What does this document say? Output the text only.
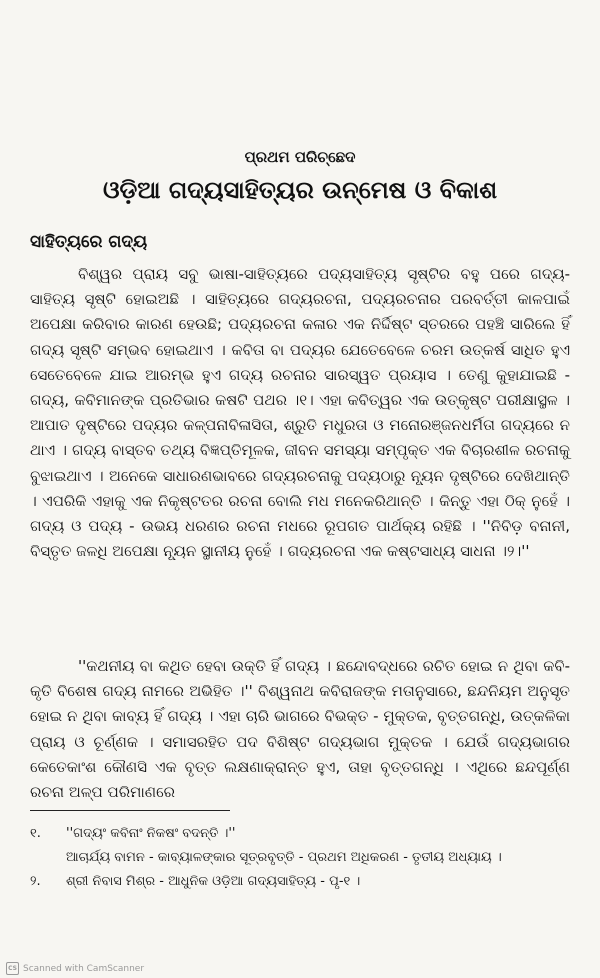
ପ୍ରଥମ ପରିଚ୍ଛେଦ
ଓଡ଼ିଆ ଗଦ୍ୟସାହିତ୍ୟର ଉନ୍ମେଷ ଓ ବିକାଶ
ସାହିତ୍ୟରେ ଗଦ୍ୟ

ବିଶ୍ୱର ପ୍ରାୟ ସବୁ ଭାଷା-ସାହିତ୍ୟରେ ପଦ୍ୟସାହିତ୍ୟ ସୃଷ୍ଟିର ବହୁ ପରେ ଗଦ୍ୟ-ସାହିତ୍ୟ ସୃଷ୍ଟି ହୋଇଅଛି । ସାହିତ୍ୟରେ ଗଦ୍ୟରଚନା, ପଦ୍ୟରଚନାର ପରବର୍ତ୍ତୀ କାଳପାଇଁ ଅପେକ୍ଷା କରିବାର କାରଣ ହେଉଛି; ପଦ୍ୟରଚନା କଳାର ଏକ ନିର୍ଦ୍ଦିଷ୍ଟ ସ୍ତରରେ ପହଞ୍ଚି ସାରିଲେ ହିଁ ଗଦ୍ୟ ସୃଷ୍ଟି ସମ୍ଭବ ହୋଇଥାଏ । କବିତା ବା ପଦ୍ୟର ଯେତେବେଳେ ଚରମ ଉତ୍କର୍ଷ ସାଧିତ ହୁଏ ସେତେବେଳେ ଯାଇ ଆରମ୍ଭ ହୁଏ ଗଦ୍ୟ ରଚନାର ସାରସ୍ୱତ ପ୍ରୟାସ । ତେଣୁ କୁହାଯାଇଛି - ଗଦ୍ୟ, କବିମାନଙ୍କ ପ୍ରତିଭାର କଷଟି ପଥର ।୧। ଏହା କବିତ୍ୱର ଏକ ଉତ୍କୃଷ୍ଟ ପରୀକ୍ଷାସ୍ଥଳ । ଆପାତ ଦୃଷ୍ଟିରେ ପଦ୍ୟର କଳ୍ପନାବିଳାସିତା, ଶ୍ରୁତି ମଧୁରତା ଓ ମନୋରଞ୍ଜନଧର୍ମିତା ଗଦ୍ୟରେ ନ ଥାଏ । ଗଦ୍ୟ ବାସ୍ତବ ତଥ୍ୟ ବିଜ୍ଞପ୍ତିମୂଳକ, ଜୀବନ ସମସ୍ୟା ସମ୍ପୃକ୍ତ ଏକ ବିଚାରଶୀଳ ରଚନାକୁ ବୁଝାଇଥାଏ । ଅନେକେ ସାଧାରଣଭାବରେ ଗଦ୍ୟରଚନାକୁ ପଦ୍ୟଠାରୁ ନ୍ୟୂନ ଦୃଷ୍ଟିରେ ଦେଖିଥାନ୍ତି । ଏପରିକି ଏହାକୁ ଏକ ନିକୃଷ୍ଟତର ରଚନା ବୋଲି ମଧ ମନେକରିଥାନ୍ତି । କିନ୍ତୁ ଏହା ଠିକ୍ ନୁହେଁ । ଗଦ୍ୟ ଓ ପଦ୍ୟ - ଉଭୟ ଧରଣର ରଚନା ମଧରେ ରୂପଗତ ପାର୍ଥକ୍ୟ ରହିଛି । ''ନିବିଡ଼ ବନାନୀ, ବିସ୍ତୃତ ଜଳଧି ଅପେକ୍ଷା ନ୍ୟୂନ ସ୍ଥାନୀୟ ନୁହେଁ । ଗଦ୍ୟରଚନା ଏକ କଷ୍ଟସାଧ୍ୟ ସାଧନା ।୨।''

''କଥନୀୟ ବା କଥିତ ହେବା ଉକ୍ତି ହିଁ ଗଦ୍ୟ । ଛନ୍ଦୋବଦ୍ଧରେ ରଚିତ ହୋଇ ନ ଥିବା କବି-କୃତି ବିଶେଷ ଗଦ୍ୟ ନାମରେ ଅଭିହିତ ।'' ବିଶ୍ୱନାଥ କବିରାଜଙ୍କ ମତାନୁସାରେ, ଛନ୍ଦନିୟମ ଅନୁସୃତ ହୋଇ ନ ଥିବା କାବ୍ୟ ହିଁ ଗଦ୍ୟ । ଏହା ଚାରି ଭାଗରେ ବିଭକ୍ତ - ମୁକ୍ତକ, ବୃତ୍ତଗନ୍ଧି, ଉତ୍କଳିକା ପ୍ରାୟ ଓ ଚୂର୍ଣ୍ଣକ । ସମାସରହିତ ପଦ ବିଶିଷ୍ଟ ଗଦ୍ୟଭାଗ ମୁକ୍ତକ । ଯେଉଁ ଗଦ୍ୟଭାଗର କେତେକାଂଶ କୌଣସି ଏକ ବୃତ୍ତ ଲକ୍ଷଣାକ୍ରାନ୍ତ ହୁଏ, ତାହା ବୃତ୍ତଗନ୍ଧି । ଏଥିରେ ଛନ୍ଦପୂର୍ଣ୍ଣ ରଚନା ଅଳ୍ପ ପରିମାଣରେ

୧.	''ଗଦ୍ୟଂ କବିନାଂ ନିକଷଂ ବଦନ୍ତି ।''
ଆଚାର୍ଯ୍ୟ ବାମନ - କାବ୍ୟାଳଙ୍କାର ସୂତ୍ରବୃତ୍ତି - ପ୍ରଥମ ଅଧିକରଣ - ତୃତୀୟ ଅଧ୍ୟାୟ ।
୨.	ଶ୍ରୀ ନିବାସ ମିଶ୍ର - ଆଧୁନିକ ଓଡ଼ିଆ ଗଦ୍ୟସାହିତ୍ୟ - ପୃ-୧ ।
CS Scanned with CamScanner
